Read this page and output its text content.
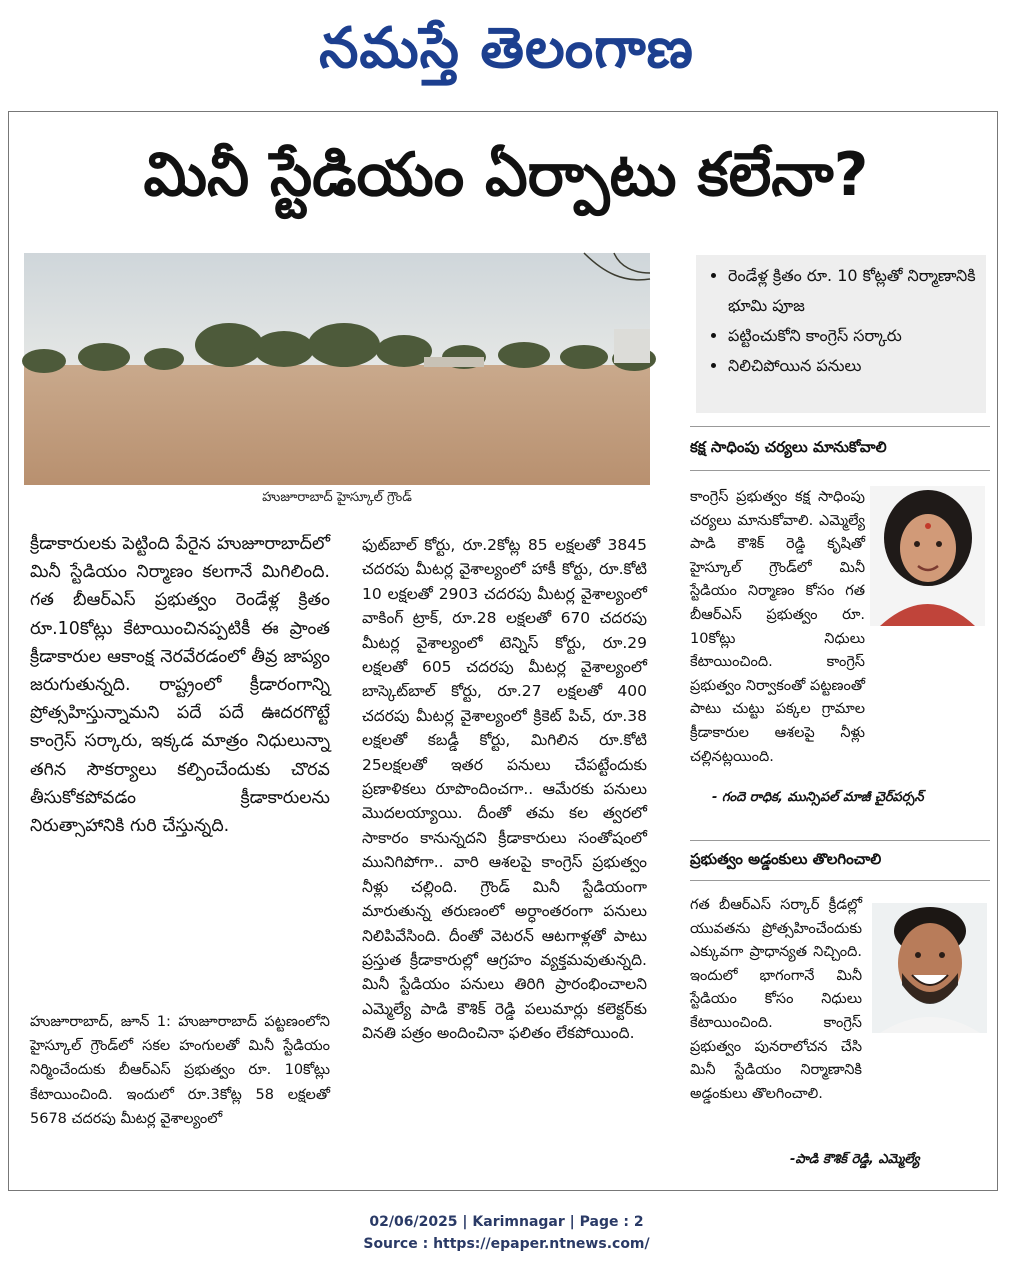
నమస్తే తెలంగాణ
మినీ స్టేడియం ఏర్పాటు కలేనా?
హుజూరాబాద్ హైస్కూల్ గ్రౌండ్
• రెండేళ్ల క్రితం రూ. 10 కోట్లతో నిర్మాణానికి భూమి పూజ
• పట్టించుకోని కాంగ్రెస్ సర్కారు
• నిలిచిపోయిన పనులు
క్రీడాకారులకు పెట్టింది పేరైన హుజూరాబాద్‌లో మినీ స్టేడియం నిర్మాణం కలగానే మిగిలింది. గత బీఆర్‌ఎస్ ప్రభుత్వం రెండేళ్ల క్రితం రూ.10కోట్లు కేటాయించినప్పటికీ ఈ ప్రాంత క్రీడాకారుల ఆకాంక్ష నెరవేరడంలో తీవ్ర జాప్యం జరుగుతున్నది. రాష్ట్రంలో క్రీడారంగాన్ని ప్రోత్సహిస్తున్నామని పదే పదే ఊదరగొట్టే కాంగ్రెస్ సర్కారు, ఇక్కడ మాత్రం నిధులున్నా తగిన సౌకర్యాలు కల్పించేందుకు చొరవ తీసుకోకపోవడం క్రీడాకారులను నిరుత్సాహానికి గురి చేస్తున్నది.
హుజూరాబాద్, జూన్ 1: హుజూరాబాద్ పట్టణంలోని హైస్కూల్ గ్రౌండ్‌లో సకల హంగులతో మినీ స్టేడియం నిర్మించేందుకు బీఆర్‌ఎస్ ప్రభుత్వం రూ. 10కోట్లు కేటాయించింది. ఇందులో రూ.3కోట్ల 58 లక్షలతో 5678 చదరపు మీటర్ల వైశాల్యంలో
ఫుట్‌బాల్ కోర్టు, రూ.2కోట్ల 85 లక్షలతో 3845 చదరపు మీటర్ల వైశాల్యంలో హాకీ కోర్టు, రూ.కోటి 10 లక్షలతో 2903 చదరపు మీటర్ల వైశాల్యంలో వాకింగ్ ట్రాక్, రూ.28 లక్షలతో 670 చదరపు మీటర్ల వైశాల్యంలో టెన్నిస్ కోర్టు, రూ.29 లక్షలతో 605 చదరపు మీటర్ల వైశాల్యంలో బాస్కెట్‌బాల్ కోర్టు, రూ.27 లక్షలతో 400 చదరపు మీటర్ల వైశాల్యంలో క్రికెట్ పిచ్, రూ.38 లక్షలతో కబడ్డీ కోర్టు, మిగిలిన రూ.కోటి 25లక్షలతో ఇతర పనులు చేపట్టేందుకు ప్రణాళికలు రూపొందించగా.. ఆమేరకు పనులు మొదలయ్యాయి. దీంతో తమ కల త్వరలో సాకారం కానున్నదని క్రీడాకారులు సంతోషంలో మునిగిపోగా.. వారి ఆశలపై కాంగ్రెస్ ప్రభుత్వం నీళ్లు చల్లింది. గ్రౌండ్ మినీ స్టేడియంగా మారుతున్న తరుణంలో అర్ధాంతరంగా పనులు నిలిపివేసింది. దీంతో వెటరన్ ఆటగాళ్లతో పాటు ప్రస్తుత క్రీడాకారుల్లో ఆగ్రహం వ్యక్తమవుతున్నది. మినీ స్టేడియం పనులు తిరిగి ప్రారంభించాలని ఎమ్మెల్యే పాడి కౌశిక్ రెడ్డి పలుమార్లు కలెక్టర్‌కు వినతి పత్రం అందించినా ఫలితం లేకపోయింది.
కక్ష సాధింపు చర్యలు మానుకోవాలి
కాంగ్రెస్ ప్రభుత్వం కక్ష సాధింపు చర్యలు మానుకోవాలి. ఎమ్మెల్యే పాడి కౌశిక్ రెడ్డి కృషితో హైస్కూల్ గ్రౌండ్‌లో మినీ స్టేడియం నిర్మాణం కోసం గత బీఆర్‌ఎస్ ప్రభుత్వం రూ. 10కోట్లు నిధులు కేటాయించింది. కాంగ్రెస్ ప్రభుత్వం నిర్వాకంతో పట్టణంతో పాటు చుట్టు పక్కల గ్రామాల క్రీడాకారుల ఆశలపై నీళ్లు చల్లినట్లయింది.
- గందె రాధిక, మున్సిపల్ మాజీ చైర్‌పర్సన్
ప్రభుత్వం అడ్డంకులు తొలగించాలి
గత బీఆర్‌ఎస్ సర్కార్ క్రీడల్లో యువతను ప్రోత్సహించేందుకు ఎక్కువగా ప్రాధాన్యత నిచ్చింది. ఇందులో భాగంగానే మినీ స్టేడియం కోసం నిధులు కేటాయించింది. కాంగ్రెస్ ప్రభుత్వం పునరాలోచన చేసి మినీ స్టేడియం నిర్మాణానికి అడ్డంకులు తొలగించాలి.
-పాడి కౌశిక్ రెడ్డి, ఎమ్మెల్యే
02/06/2025 | Karimnagar | Page : 2
Source : https://epaper.ntnews.com/
